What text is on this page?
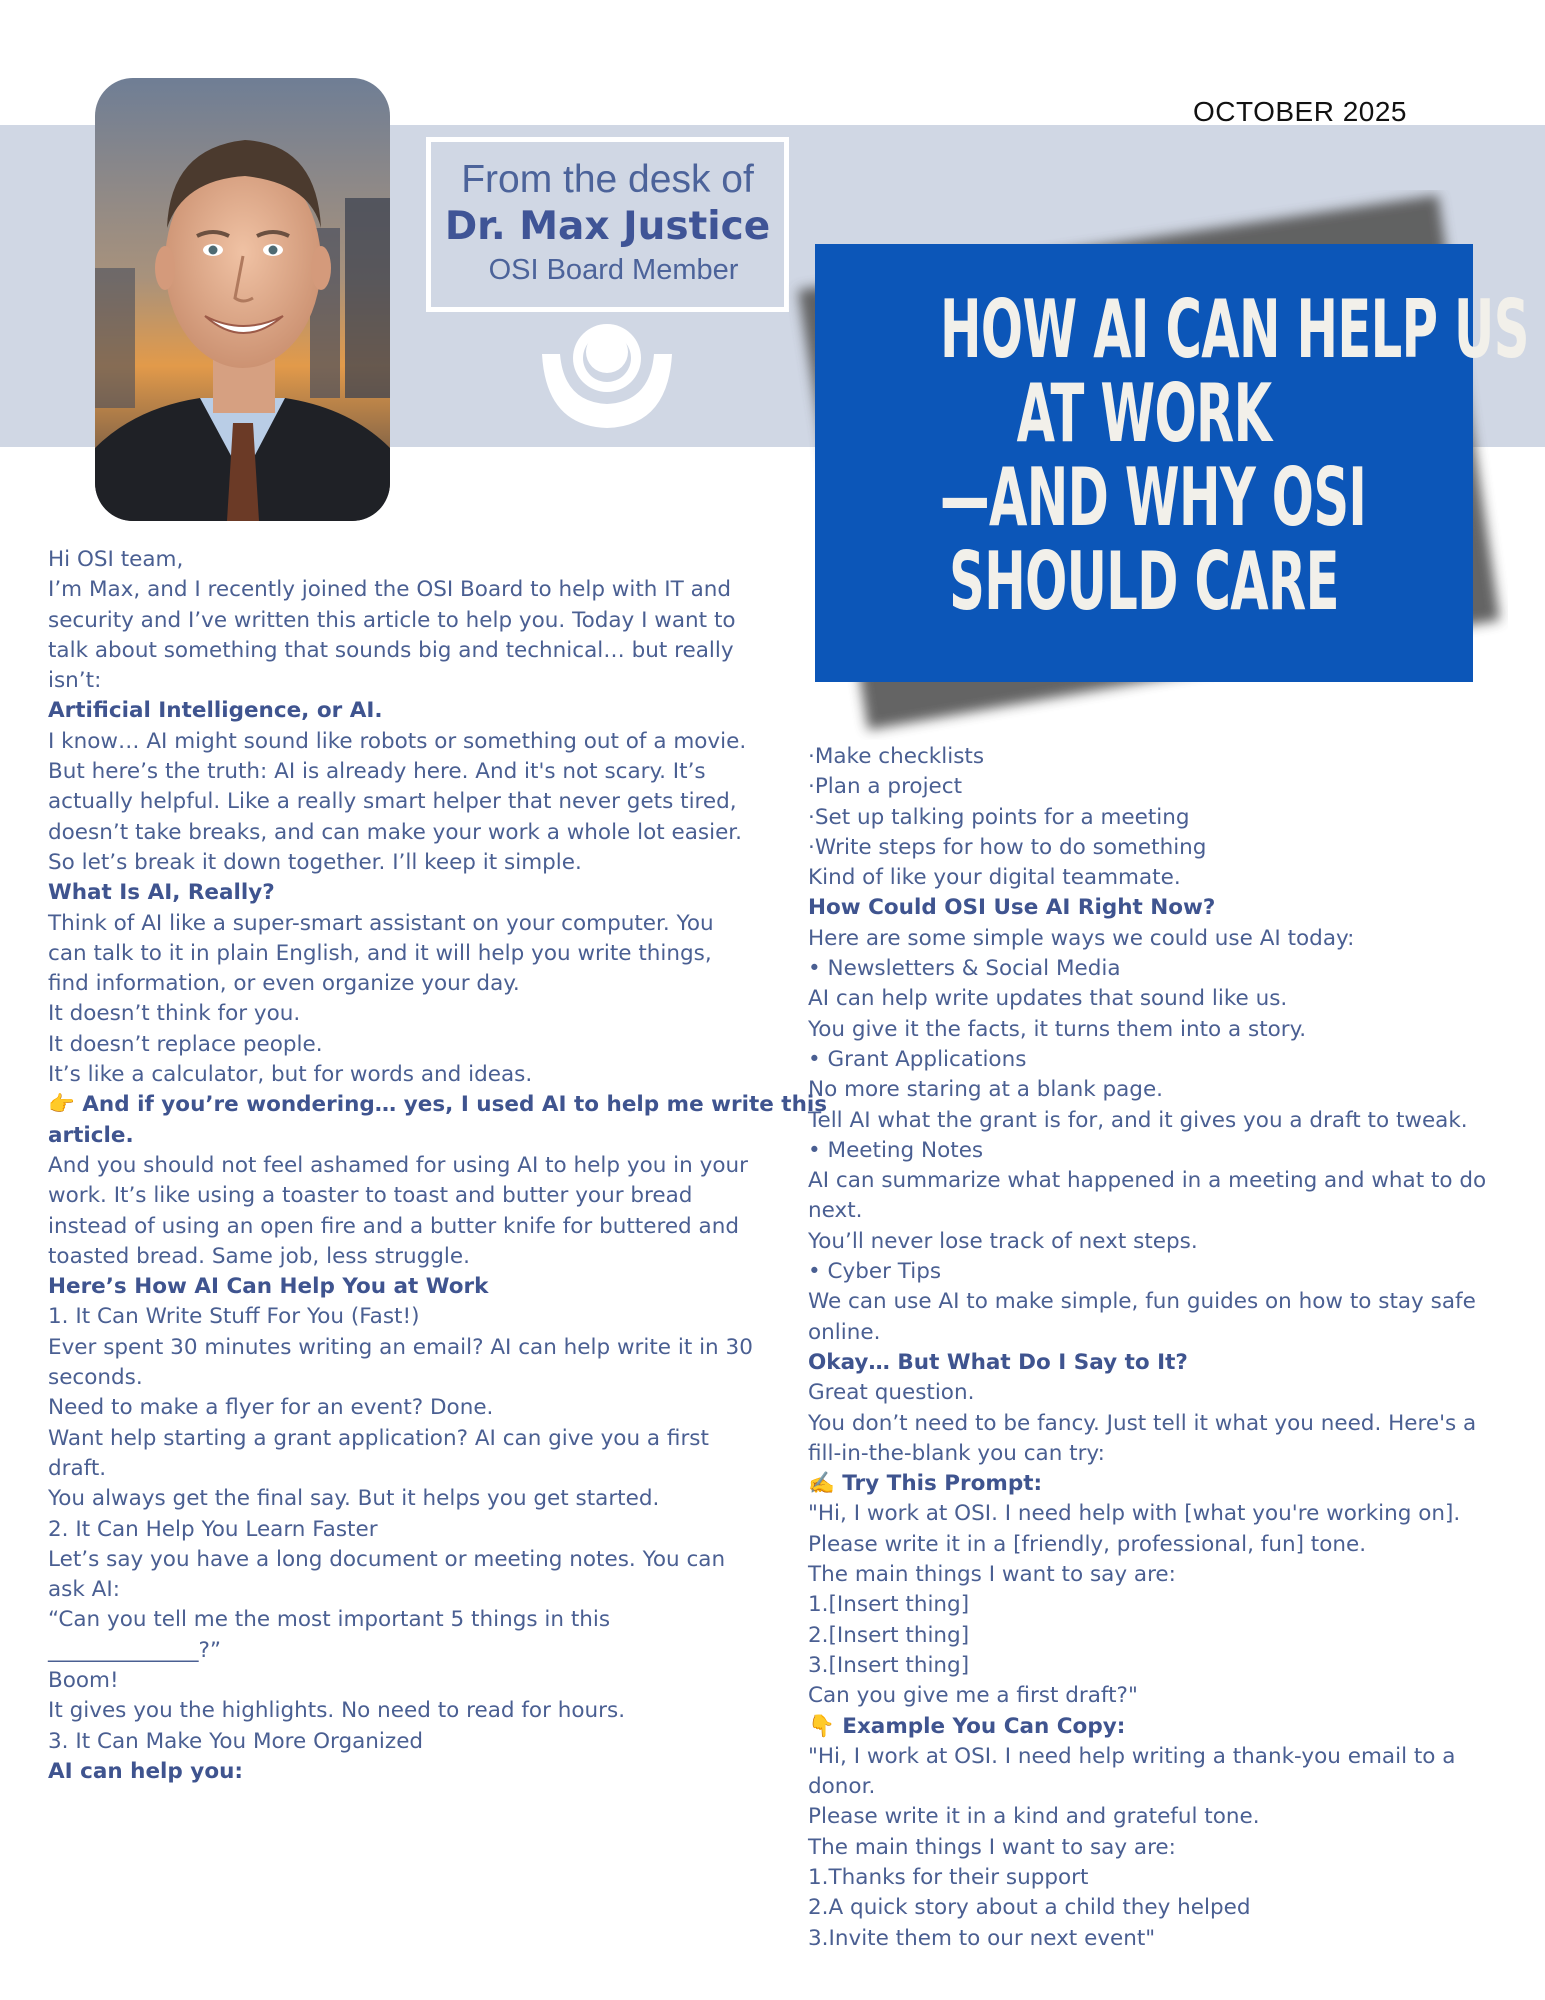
OCTOBER 2025
From the desk of
Dr. Max Justice
OSI Board Member
HOW AI CAN HELP US
AT WORK
—AND WHY OSI
SHOULD CARE

Hi OSI team,

I’m Max, and I recently joined the OSI Board to help with IT and

security and I’ve written this article to help you. Today I want to

talk about something that sounds big and technical… but really

isn’t:

Artificial Intelligence, or AI.

I know… AI might sound like robots or something out of a movie.

But here’s the truth: AI is already here. And it's not scary. It’s

actually helpful. Like a really smart helper that never gets tired,

doesn’t take breaks, and can make your work a whole lot easier.

So let’s break it down together. I’ll keep it simple.

What Is AI, Really?

Think of AI like a super-smart assistant on your computer. You

can talk to it in plain English, and it will help you write things,

find information, or even organize your day.

It doesn’t think for you.

It doesn’t replace people.

It’s like a calculator, but for words and ideas.

👉 And if you’re wondering… yes, I used AI to help me write this

article.

And you should not feel ashamed for using AI to help you in your

work. It’s like using a toaster to toast and butter your bread

instead of using an open fire and a butter knife for buttered and

toasted bread. Same job, less struggle.

Here’s How AI Can Help You at Work

1. It Can Write Stuff For You (Fast!)

Ever spent 30 minutes writing an email? AI can help write it in 30

seconds.

Need to make a flyer for an event? Done.

Want help starting a grant application? AI can give you a first

draft.

You always get the final say. But it helps you get started.

2. It Can Help You Learn Faster

Let’s say you have a long document or meeting notes. You can

ask AI:

“Can you tell me the most important 5 things in this

______________?”

Boom!

It gives you the highlights. No need to read for hours.

3. It Can Make You More Organized

AI can help you:

·Make checklists

·Plan a project

·Set up talking points for a meeting

·Write steps for how to do something

Kind of like your digital teammate.

How Could OSI Use AI Right Now?

Here are some simple ways we could use AI today:

• Newsletters & Social Media

AI can help write updates that sound like us.

You give it the facts, it turns them into a story.

• Grant Applications

No more staring at a blank page.

Tell AI what the grant is for, and it gives you a draft to tweak.

• Meeting Notes

AI can summarize what happened in a meeting and what to do

next.

You’ll never lose track of next steps.

• Cyber Tips

We can use AI to make simple, fun guides on how to stay safe

online.

Okay… But What Do I Say to It?

Great question.

You don’t need to be fancy. Just tell it what you need. Here's a

fill-in-the-blank you can try:

✍️ Try This Prompt:

"Hi, I work at OSI. I need help with [what you're working on].

Please write it in a [friendly, professional, fun] tone.

The main things I want to say are:

1.[Insert thing]

2.[Insert thing]

3.[Insert thing]

Can you give me a first draft?"

👇 Example You Can Copy:

"Hi, I work at OSI. I need help writing a thank-you email to a

donor.

Please write it in a kind and grateful tone.

The main things I want to say are:

1.Thanks for their support

2.A quick story about a child they helped

3.Invite them to our next event"
